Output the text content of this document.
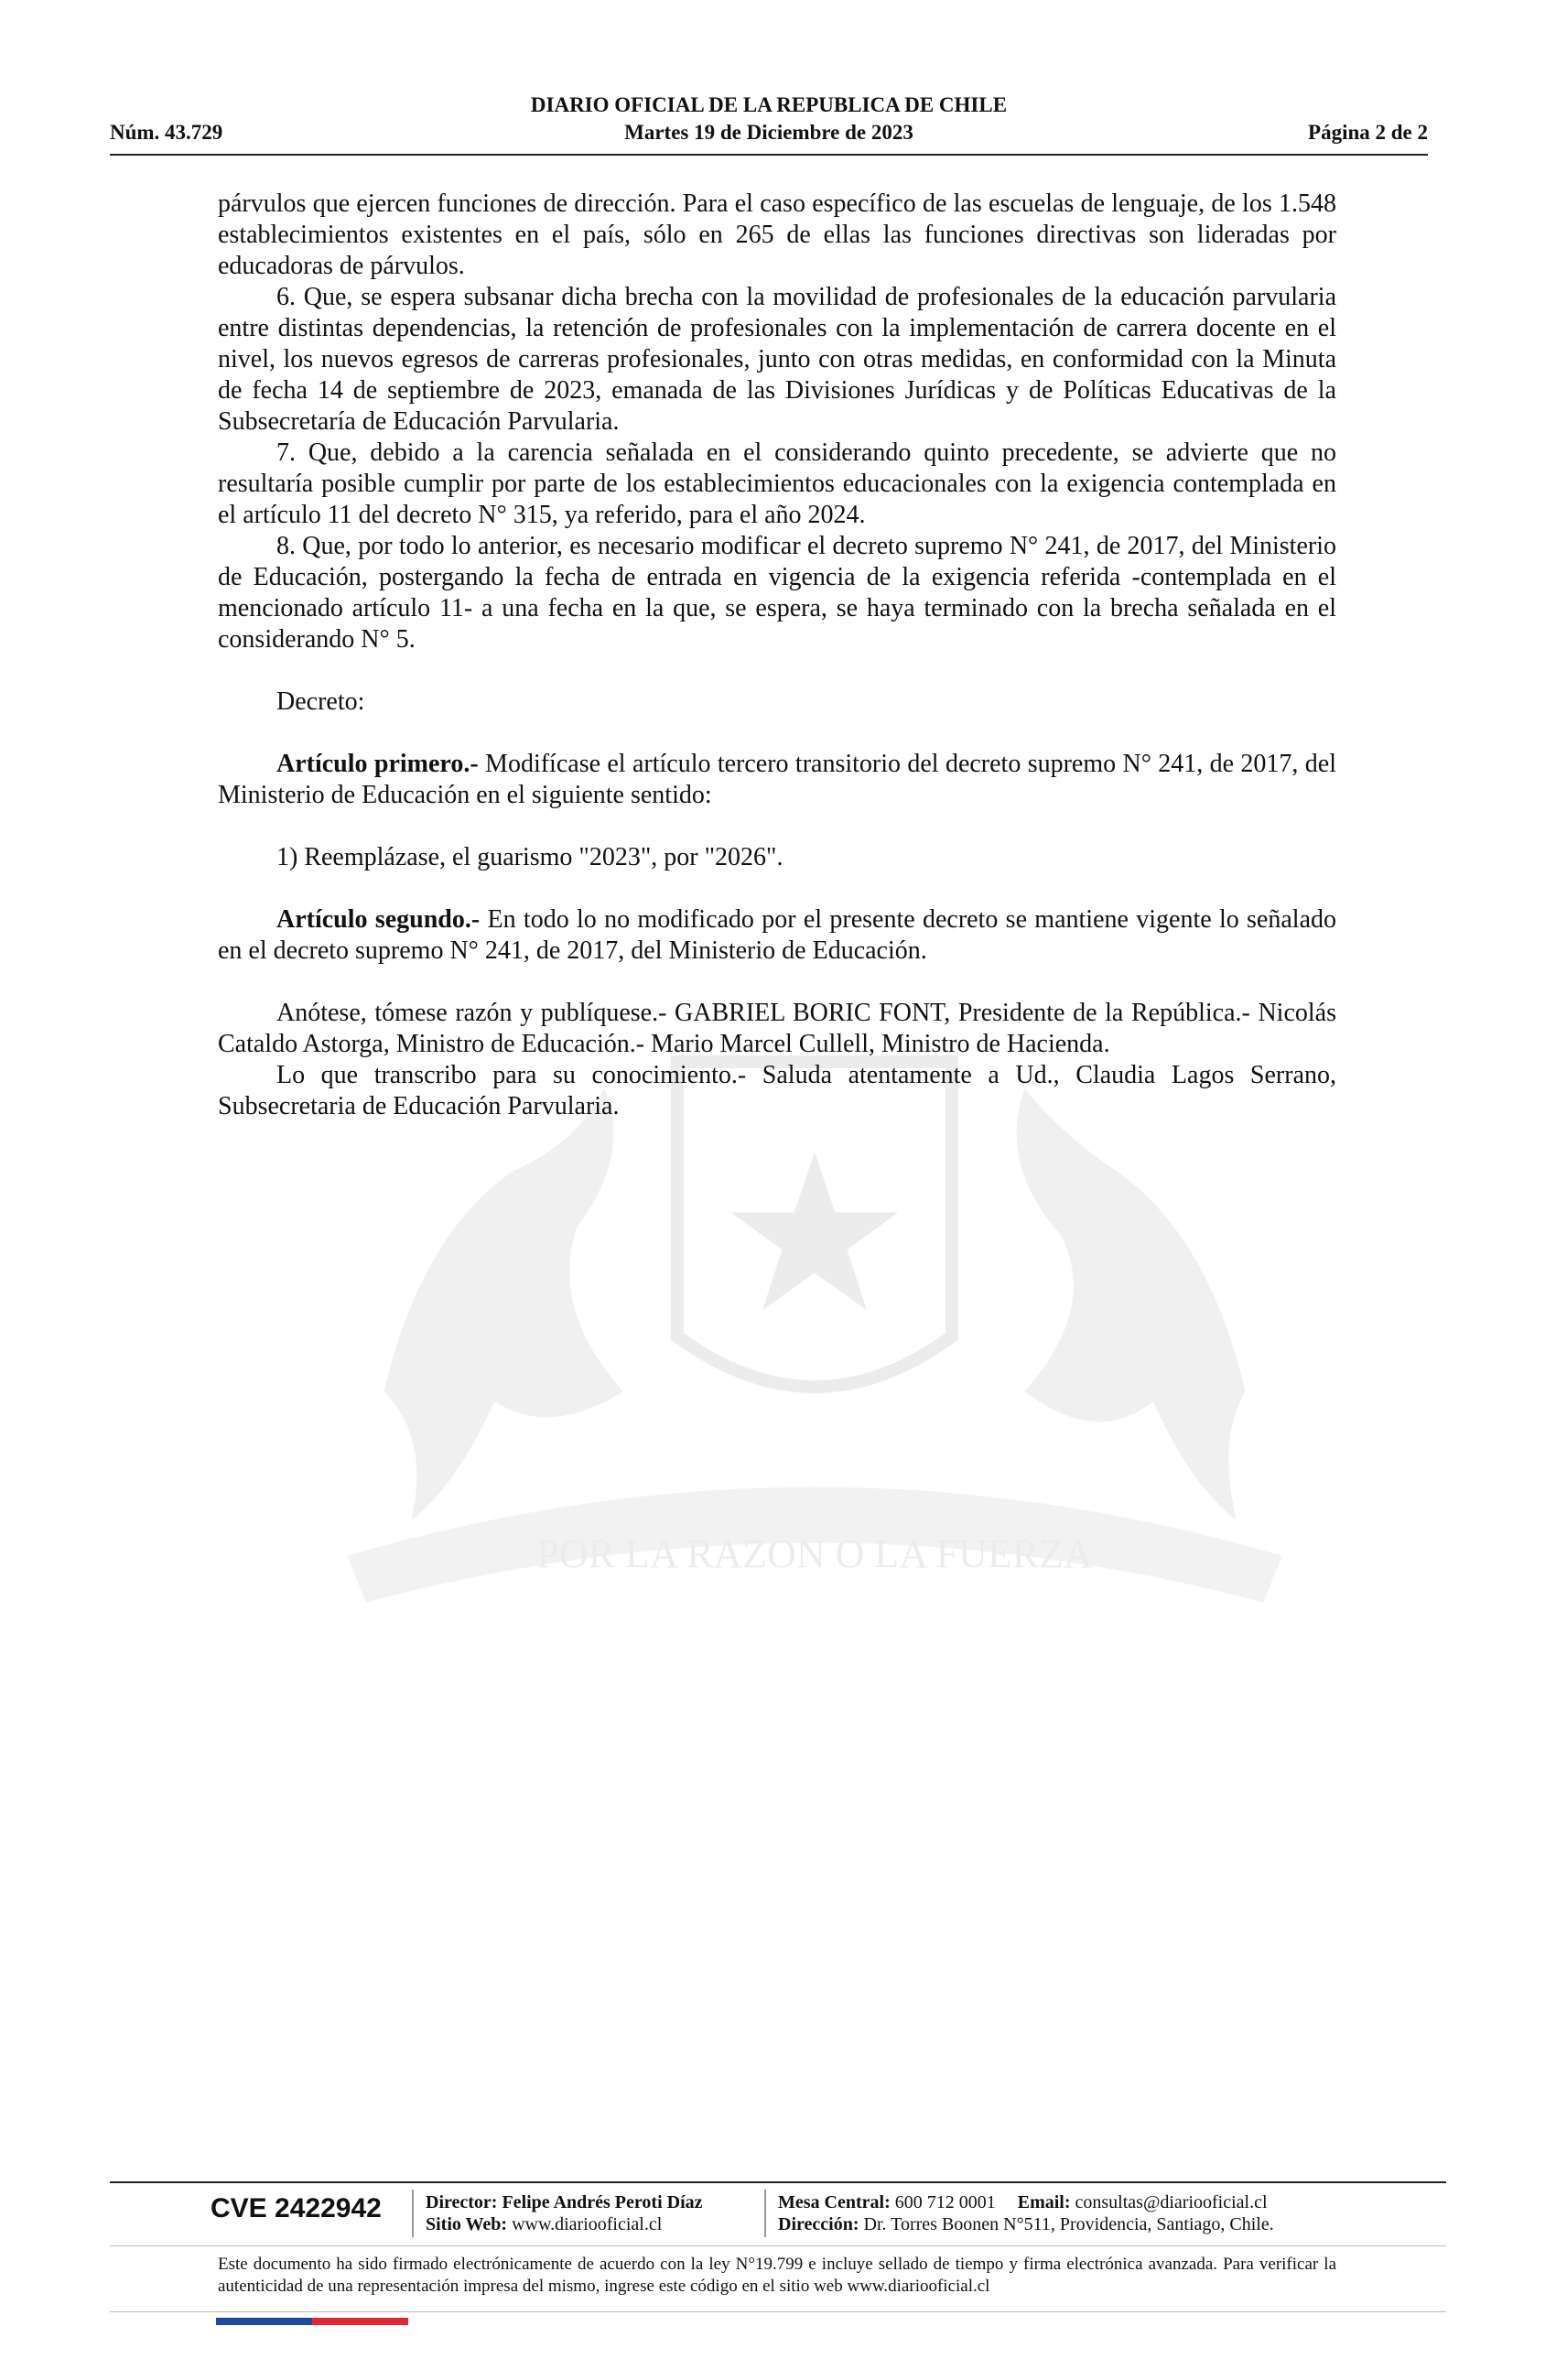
POR LA RAZON O LA FUERZA
DIARIO OFICIAL DE LA REPUBLICA DE CHILE
Núm. 43.729	Martes 19 de Diciembre de 2023	Página 2 de 2

párvulos que ejercen funciones de dirección. Para el caso específico de las escuelas de lenguaje, de los 1.548 establecimientos existentes en el país, sólo en 265 de ellas las funciones directivas son lideradas por educadoras de párvulos.

6. Que, se espera subsanar dicha brecha con la movilidad de profesionales de la educación parvularia entre distintas dependencias, la retención de profesionales con la implementación de carrera docente en el nivel, los nuevos egresos de carreras profesionales, junto con otras medidas, en conformidad con la Minuta de fecha 14 de septiembre de 2023, emanada de las Divisiones Jurídicas y de Políticas Educativas de la Subsecretaría de Educación Parvularia.

7. Que, debido a la carencia señalada en el considerando quinto precedente, se advierte que no resultaría posible cumplir por parte de los establecimientos educacionales con la exigencia contemplada en el artículo 11 del decreto N° 315, ya referido, para el año 2024.

8. Que, por todo lo anterior, es necesario modificar el decreto supremo N° 241, de 2017, del Ministerio de Educación, postergando la fecha de entrada en vigencia de la exigencia referida -contemplada en el mencionado artículo 11- a una fecha en la que, se espera, se haya terminado con la brecha señalada en el considerando N° 5.

Decreto:

Artículo primero.- Modifícase el artículo tercero transitorio del decreto supremo N° 241, de 2017, del Ministerio de Educación en el siguiente sentido:

1) Reemplázase, el guarismo "2023", por "2026".

Artículo segundo.- En todo lo no modificado por el presente decreto se mantiene vigente lo señalado en el decreto supremo N° 241, de 2017, del Ministerio de Educación.

Anótese, tómese razón y publíquese.- GABRIEL BORIC FONT, Presidente de la República.- Nicolás Cataldo Astorga, Ministro de Educación.- Mario Marcel Cullell, Ministro de Hacienda.

Lo que transcribo para su conocimiento.- Saluda atentamente a Ud., Claudia Lagos Serrano, Subsecretaria de Educación Parvularia.

CVE 2422942 Director: Felipe Andrés Peroti Díaz
Sitio Web: www.diariooficial.cl
Mesa Central: 600 712 0001 Email: consultas@diariooficial.cl
Dirección: Dr. Torres Boonen N°511, Providencia, Santiago, Chile.
Este documento ha sido firmado electrónicamente de acuerdo con la ley N°19.799 e incluye sellado de tiempo y firma electrónica avanzada. Para verificar la autenticidad de una representación impresa del mismo, ingrese este código en el sitio web www.diariooficial.cl
